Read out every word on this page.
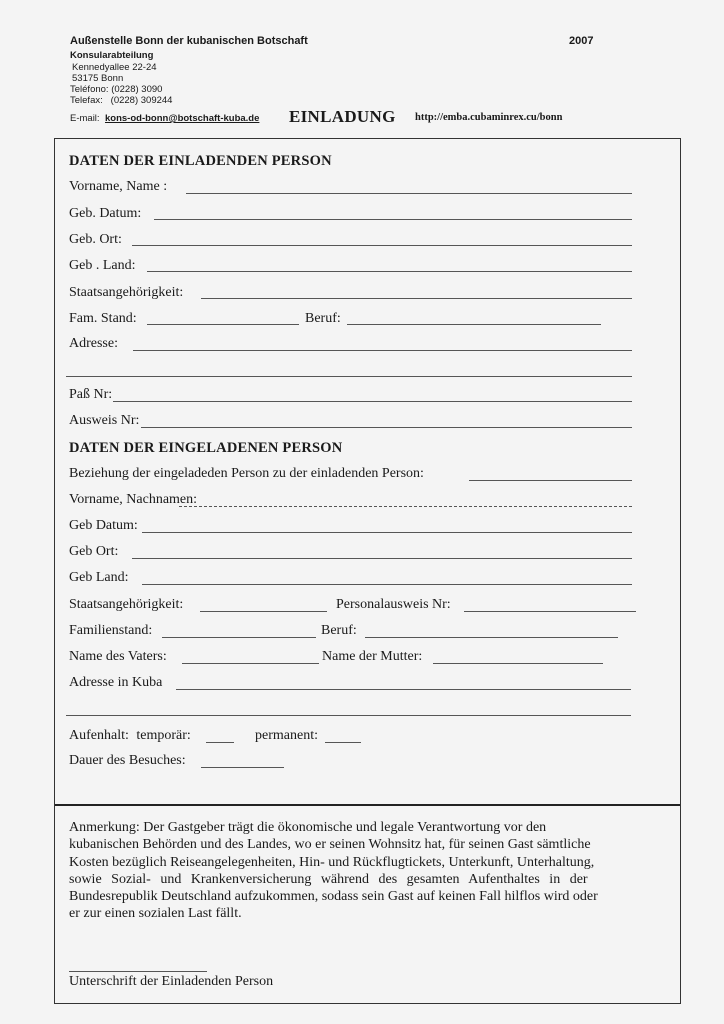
Außenstelle Bonn der kubanischen Botschaft	2007
Konsularabteilung
Kennedyallee 22-24
53175 Bonn
Teléfono: (0228) 3090
Telefax:   (0228) 309244
E-mail: kons-od-bonn@botschaft-kuba.de EINLADUNG http://emba.cubaminrex.cu/bonn
DATEN DER EINLADENDEN PERSON
Vorname, Name :
Geb. Datum:
Geb. Ort:
Geb . Land:
Staatsangehörigkeit:
Fam. Stand:	Beruf:
Adresse:
Paß Nr:
Ausweis Nr:
DATEN DER EINGELADENEN PERSON
Beziehung der eingeladeden Person zu der einladenden Person:
Vorname, Nachnamen:
Geb Datum:
Geb Ort:
Geb Land:
Staatsangehörigkeit:	Personalausweis Nr:
Familienstand:	Beruf:
Name des Vaters:	Name der Mutter:
Adresse in Kuba
Aufenhalt: temporär:	permanent:
Dauer des Besuches:
Anmerkung: Der Gastgeber trägt die ökonomische und legale Verantwortung vor den
kubanischen Behörden und des Landes, wo er seinen Wohnsitz hat, für seinen Gast sämtliche
Kosten bezüglich Reiseangelegenheiten, Hin- und Rückflugtickets, Unterkunft, Unterhaltung,
sowie Sozial- und Krankenversicherung während des gesamten Aufenthaltes in der
Bundesrepublik Deutschland aufzukommen, sodass sein Gast auf keinen Fall hilflos wird oder
er zur einen sozialen Last fällt.
Unterschrift der Einladenden Person
